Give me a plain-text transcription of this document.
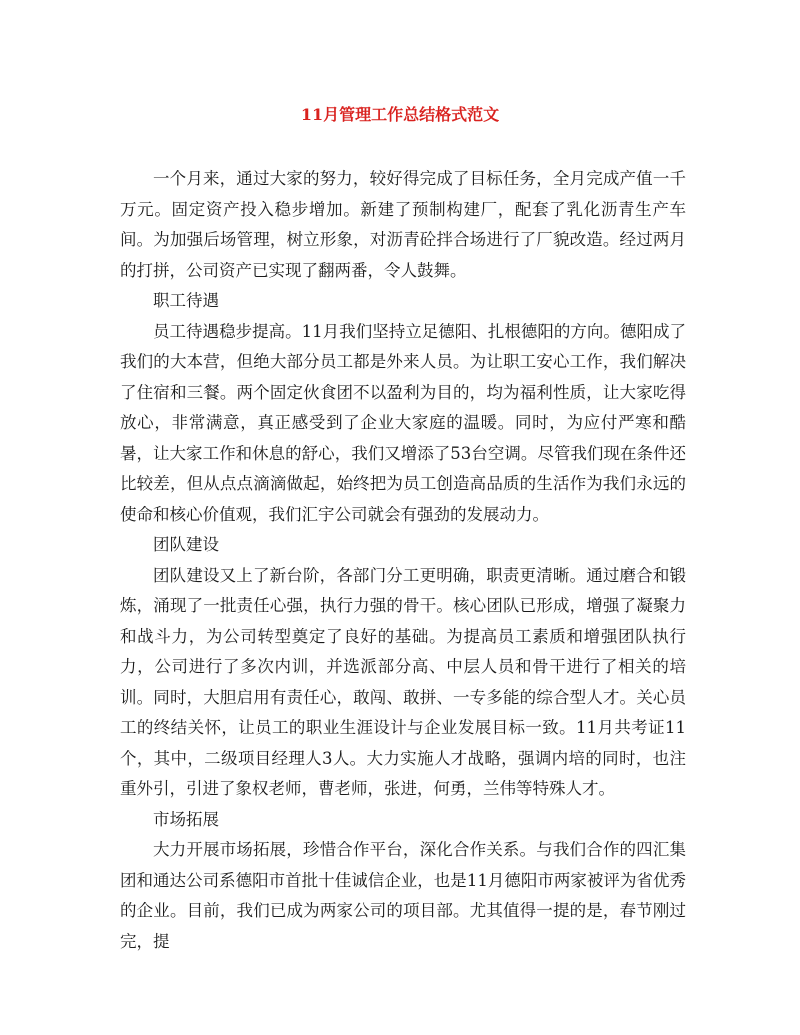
11月管理工作总结格式范文

一个月来，通过大家的努力，较好得完成了目标任务，全月完成产值一千万元。固定资产投入稳步增加。新建了预制构建厂，配套了乳化沥青生产车间。为加强后场管理，树立形象，对沥青砼拌合场进行了厂貌改造。经过两月的打拼，公司资产已实现了翻两番，令人鼓舞。

职工待遇

员工待遇稳步提高。11月我们坚持立足德阳、扎根德阳的方向。德阳成了我们的大本营，但绝大部分员工都是外来人员。为让职工安心工作，我们解决了住宿和三餐。两个固定伙食团不以盈利为目的，均为福利性质，让大家吃得放心，非常满意，真正感受到了企业大家庭的温暖。同时，为应付严寒和酷暑，让大家工作和休息的舒心，我们又增添了53台空调。尽管我们现在条件还比较差，但从点点滴滴做起，始终把为员工创造高品质的生活作为我们永远的使命和核心价值观，我们汇宇公司就会有强劲的发展动力。

团队建设

团队建设又上了新台阶，各部门分工更明确，职责更清晰。通过磨合和锻炼，涌现了一批责任心强，执行力强的骨干。核心团队已形成，增强了凝聚力和战斗力，为公司转型奠定了良好的基础。为提高员工素质和增强团队执行力，公司进行了多次内训，并选派部分高、中层人员和骨干进行了相关的培训。同时，大胆启用有责任心，敢闯、敢拼、一专多能的综合型人才。关心员工的终结关怀，让员工的职业生涯设计与企业发展目标一致。11月共考证11个，其中，二级项目经理人3人。大力实施人才战略，强调内培的同时，也注重外引，引进了象权老师，曹老师，张进，何勇，兰伟等特殊人才。

市场拓展

大力开展市场拓展，珍惜合作平台，深化合作关系。与我们合作的四汇集团和通达公司系德阳市首批十佳诚信企业，也是11月德阳市两家被评为省优秀的企业。目前，我们已成为两家公司的项目部。尤其值得一提的是，春节刚过完，提
